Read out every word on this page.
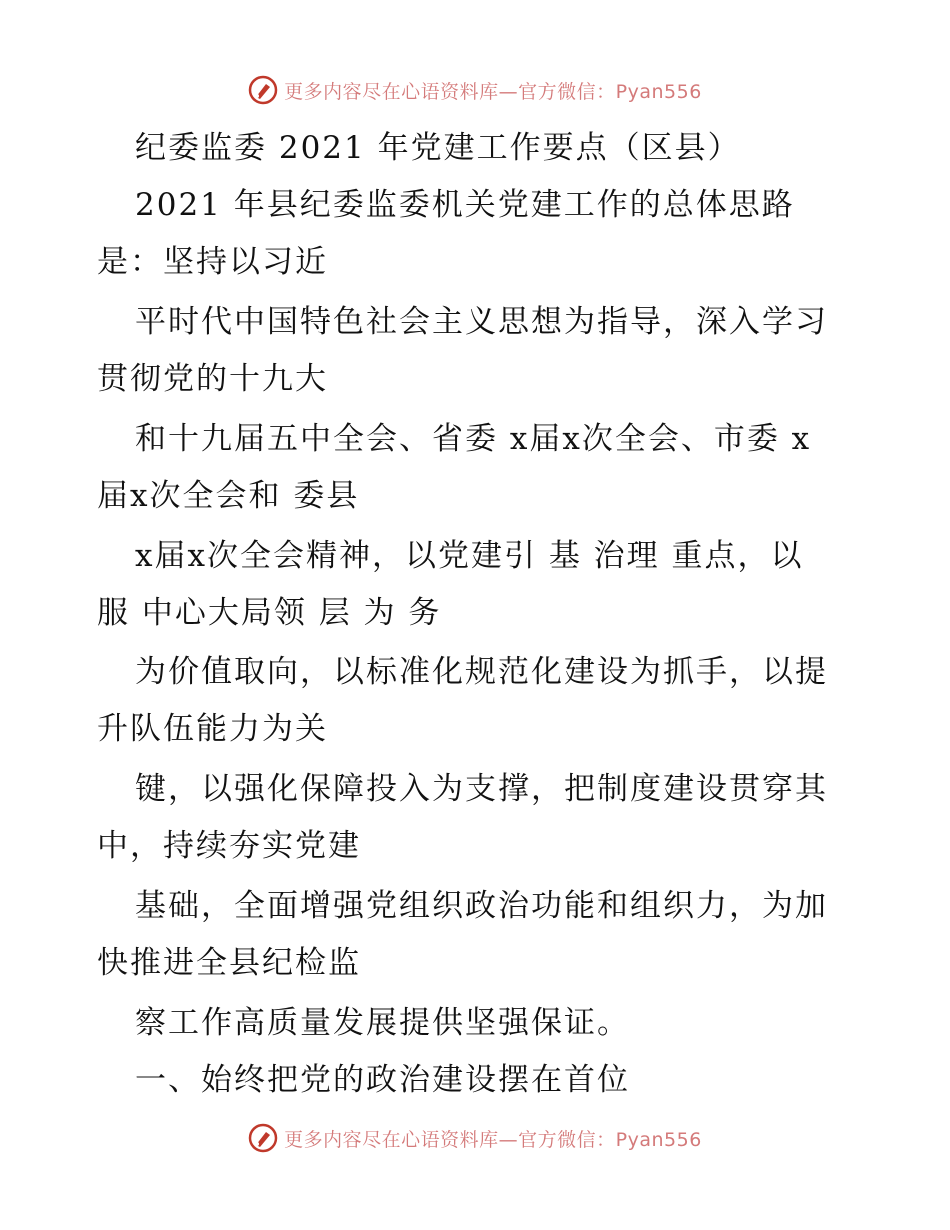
更多内容尽在心语资料库—官方微信：Pyan556
纪委监委 2021 年党建工作要点（区县）
2021 年县纪委监委机关党建工作的总体思路
是：坚持以习近
平时代中国特色社会主义思想为指导，深入学习
贯彻党的十九大
和十九届五中全会、省委 x届x次全会、市委 x
届x次全会和 委县
x届x次全会精神，以党建引 基 治理 重点，以
服 中心大局领 层 为 务
为价值取向，以标准化规范化建设为抓手，以提
升队伍能力为关
键，以强化保障投入为支撑，把制度建设贯穿其
中，持续夯实党建
基础，全面增强党组织政治功能和组织力，为加
快推进全县纪检监
察工作高质量发展提供坚强保证。
一、始终把党的政治建设摆在首位
更多内容尽在心语资料库—官方微信：Pyan556
